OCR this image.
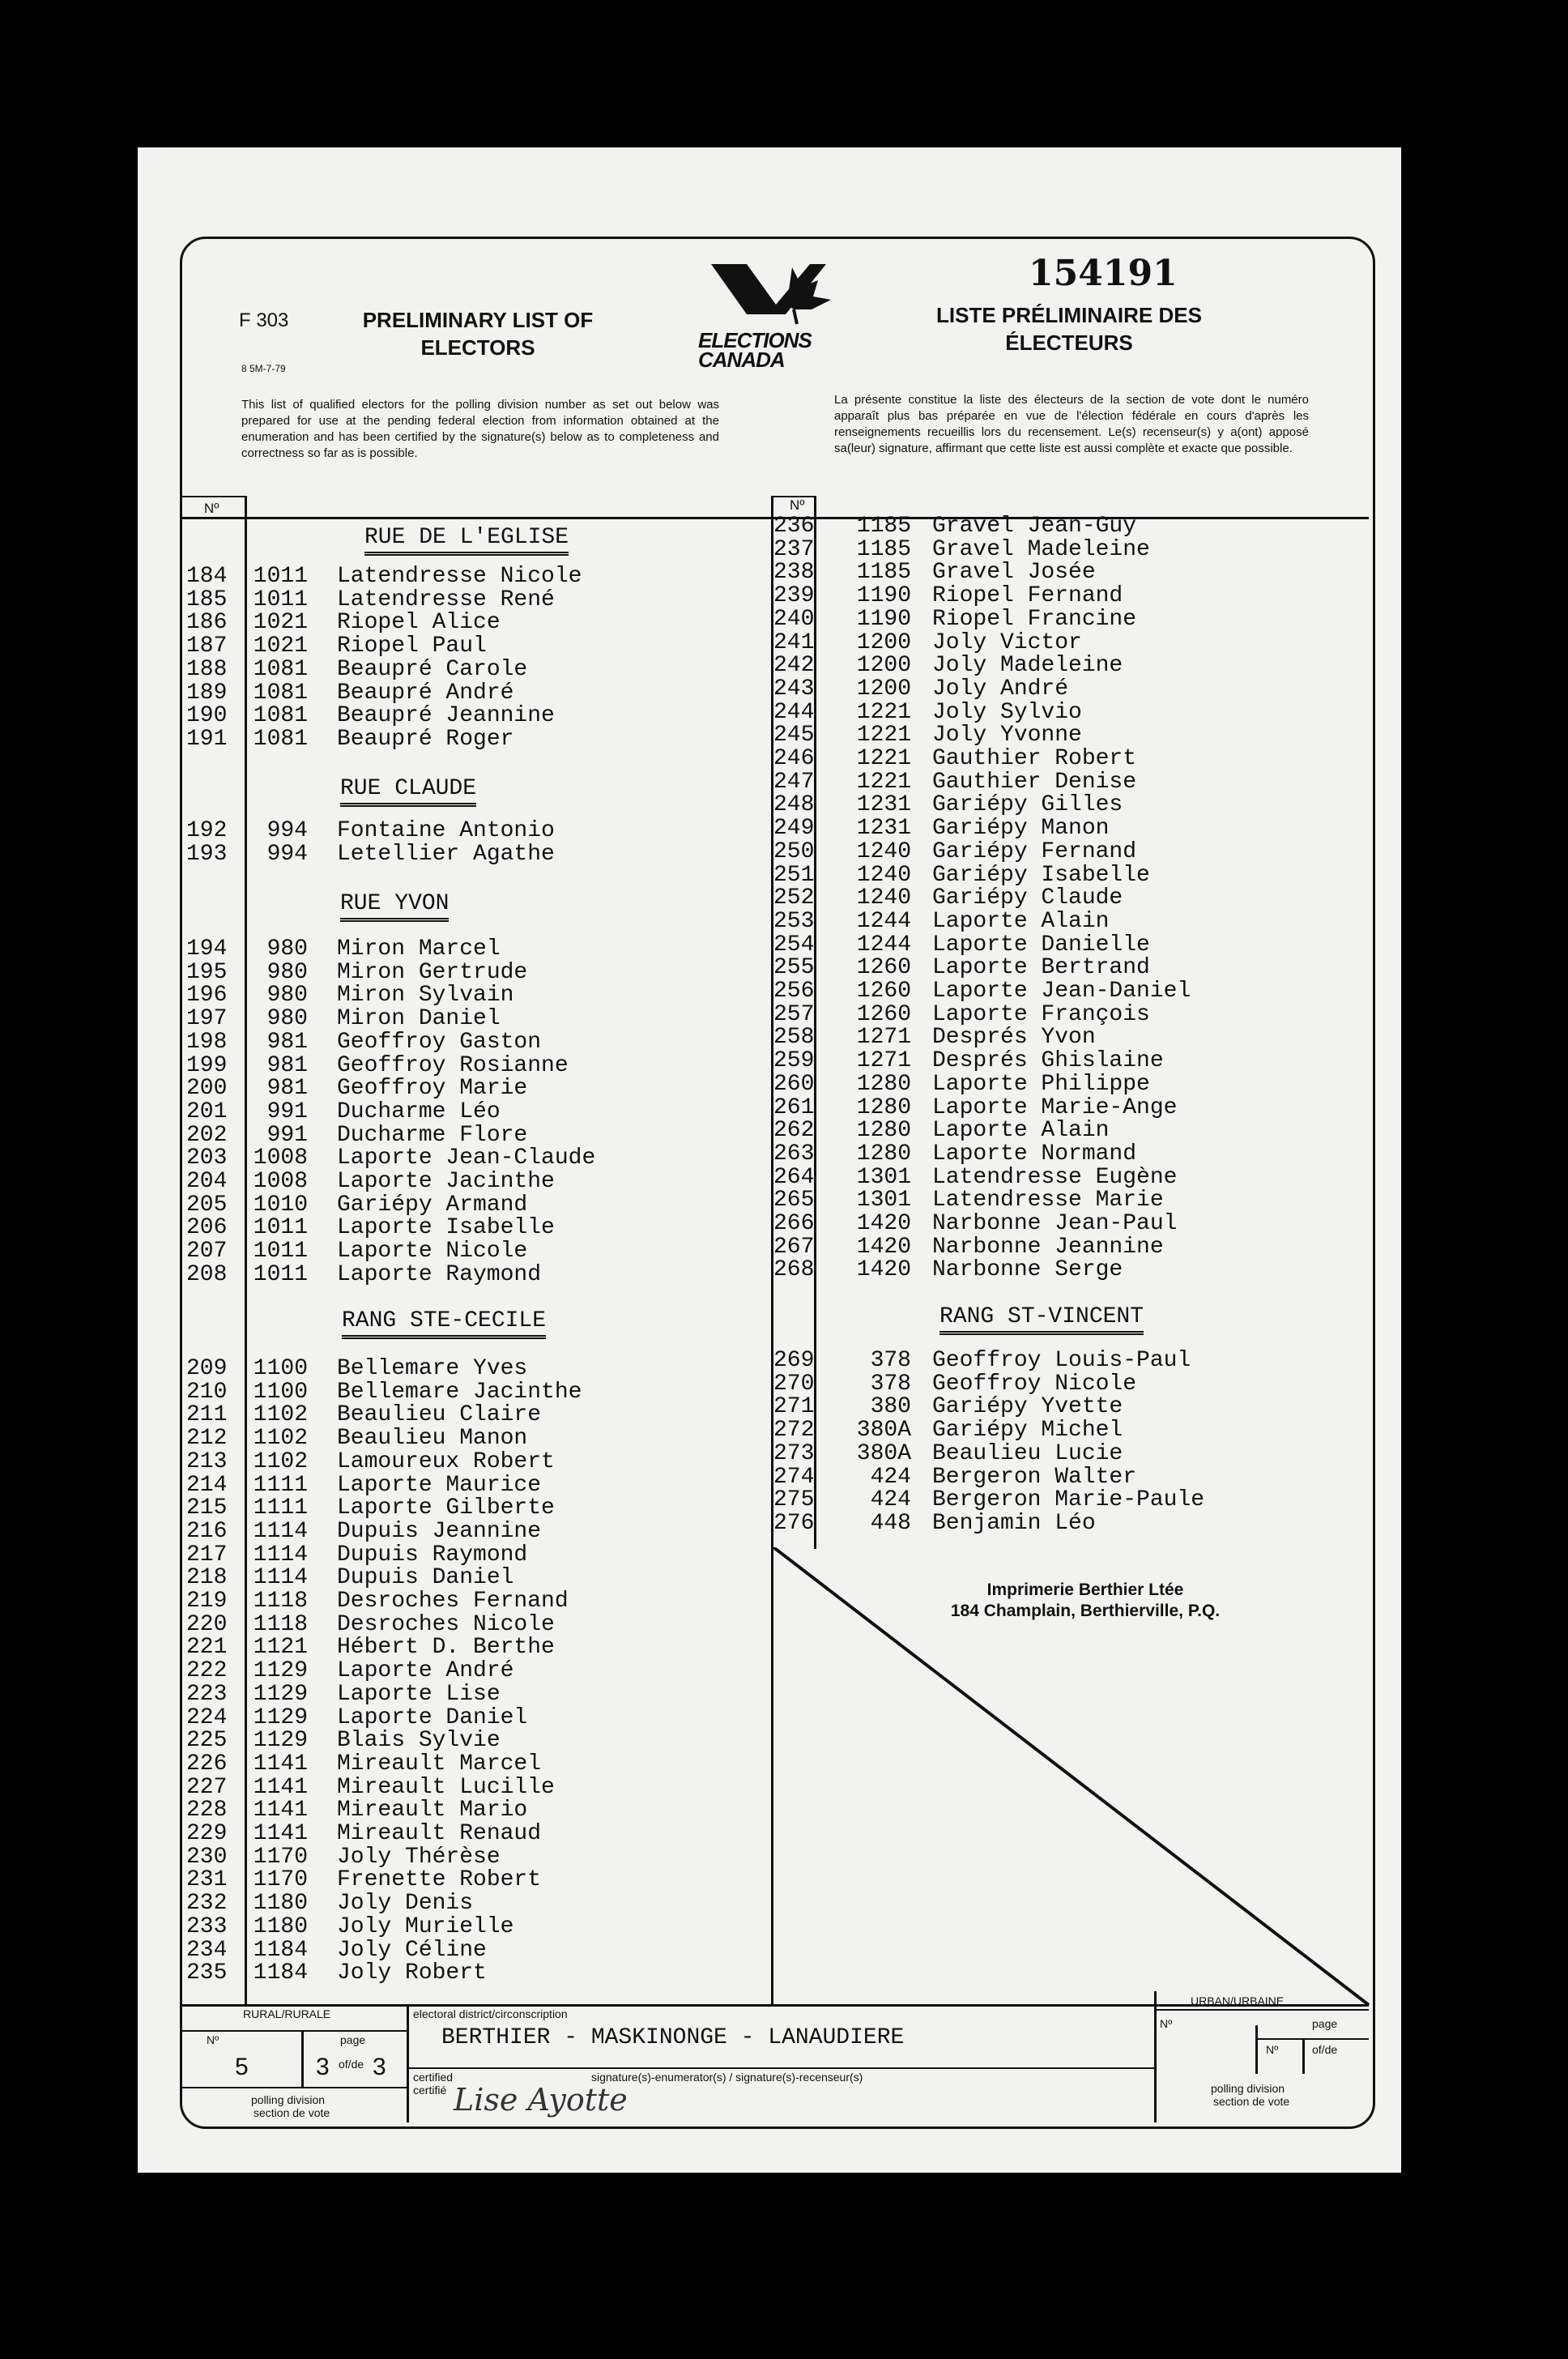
F 303
8 5M-7-79
PRELIMINARY LIST OF ELECTORS
LISTE PRÉLIMINAIRE DES ÉLECTEURS
154191
ELECTIONS CANADA
This list of qualified electors for the polling division number as set out below was prepared for use at the pending federal election from information obtained at the enumeration and has been certified by the signature(s) below as to completeness and correctness so far as is possible.
La présente constitue la liste des électeurs de la section de vote dont le numéro apparaît plus bas préparée en vue de l'élection fédérale en cours d'après les renseignements recueillis lors du recensement. Le(s) recenseur(s) y a(ont) apposé sa(leur) signature, affirmant que cette liste est aussi complète et exacte que possible.
Nº	Nº
RUE DE L'EGLISE
184	1011 Latendresse Nicole
185	1011 Latendresse René
186	1021 Riopel Alice
187	1021 Riopel Paul
188	1081 Beaupré Carole
189	1081 Beaupré André
190	1081 Beaupré Jeannine
191	1081 Beaupré Roger
RUE CLAUDE
192	994 Fontaine Antonio
193	994 Letellier Agathe
RUE YVON
194	980 Miron Marcel
195	980 Miron Gertrude
196	980 Miron Sylvain
197	980 Miron Daniel
198	981 Geoffroy Gaston
199	981 Geoffroy Rosianne
200	981 Geoffroy Marie
201	991 Ducharme Léo
202	991 Ducharme Flore
203	1008 Laporte Jean-Claude
204	1008 Laporte Jacinthe
205	1010 Gariépy Armand
206	1011 Laporte Isabelle
207	1011 Laporte Nicole
208	1011 Laporte Raymond
RANG STE-CECILE
209	1100 Bellemare Yves
210	1100 Bellemare Jacinthe
211	1102 Beaulieu Claire
212	1102 Beaulieu Manon
213	1102 Lamoureux Robert
214	1111 Laporte Maurice
215	1111 Laporte Gilberte
216	1114 Dupuis Jeannine
217	1114 Dupuis Raymond
218	1114 Dupuis Daniel
219	1118 Desroches Fernand
220	1118 Desroches Nicole
221	1121 Hébert D. Berthe
222	1129 Laporte André
223	1129 Laporte Lise
224	1129 Laporte Daniel
225	1129 Blais Sylvie
226	1141 Mireault Marcel
227	1141 Mireault Lucille
228	1141 Mireault Mario
229	1141 Mireault Renaud
230	1170 Joly Thérèse
231	1170 Frenette Robert
232	1180 Joly Denis
233	1180 Joly Murielle
234	1184 Joly Céline
235	1184 Joly Robert
236	1185 Gravel Jean-Guy
237	1185 Gravel Madeleine
238	1185 Gravel Josée
239	1190 Riopel Fernand
240	1190 Riopel Francine
241	1200 Joly Victor
242	1200 Joly Madeleine
243	1200 Joly André
244	1221 Joly Sylvio
245	1221 Joly Yvonne
246	1221 Gauthier Robert
247	1221 Gauthier Denise
248	1231 Gariépy Gilles
249	1231 Gariépy Manon
250	1240 Gariépy Fernand
251	1240 Gariépy Isabelle
252	1240 Gariépy Claude
253	1244 Laporte Alain
254	1244 Laporte Danielle
255	1260 Laporte Bertrand
256	1260 Laporte Jean-Daniel
257	1260 Laporte François
258	1271 Després Yvon
259	1271 Després Ghislaine
260	1280 Laporte Philippe
261	1280 Laporte Marie-Ange
262	1280 Laporte Alain
263	1280 Laporte Normand
264	1301 Latendresse Eugène
265	1301 Latendresse Marie
266	1420 Narbonne Jean-Paul
267	1420 Narbonne Jeannine
268	1420 Narbonne Serge
RANG ST-VINCENT
269	378 Geoffroy Louis-Paul
270	378 Geoffroy Nicole
271	380 Gariépy Yvette
272	380A Gariépy Michel
273	380A Beaulieu Lucie
274	424 Bergeron Walter
275	424 Bergeron Marie-Paule
276	448 Benjamin Léo
Imprimerie Berthier Ltée
184 Champlain, Berthierville, P.Q.
RURAL/RURALE
Nº	page
5	3 of/de 3
polling division
section de vote
electoral district/circonscription
BERTHIER - MASKINONGE - LANAUDIERE
certified
certifié
signature(s)-enumerator(s) / signature(s)-recenseur(s)
Lise Ayotte
URBAN/URBAINE
Nº	page
Nº	of/de
polling division
section de vote
